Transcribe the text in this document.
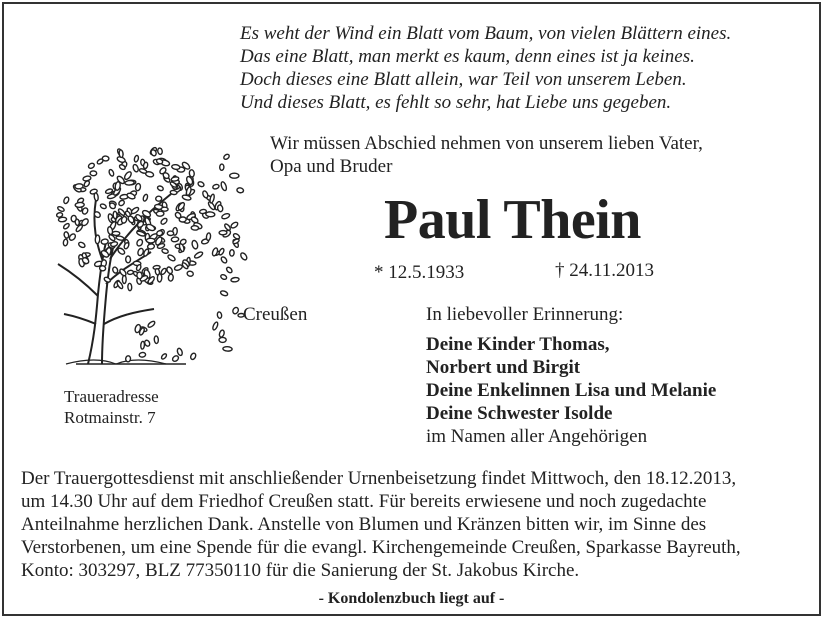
Es weht der Wind ein Blatt vom Baum, von vielen Blättern eines.
Das eine Blatt, man merkt es kaum, denn eines ist ja keines.
Doch dieses eine Blatt allein, war Teil von unserem Leben.
Und dieses Blatt, es fehlt so sehr, hat Liebe uns gegeben.
Wir müssen Abschied nehmen von unserem lieben Vater,
Opa und Bruder
Paul Thein
* 12.5.1933	† 24.11.2013
Creußen	In liebevoller Erinnerung:
Deine Kinder Thomas,
Norbert und Birgit
Deine Enkelinnen Lisa und Melanie
Deine Schwester Isolde
im Namen aller Angehörigen
Traueradresse
Rotmainstr. 7
Der Trauergottesdienst mit anschließender Urnenbeisetzung findet Mittwoch, den 18.12.2013,
um 14.30 Uhr auf dem Friedhof Creußen statt. Für bereits erwiesene und noch zugedachte
Anteilnahme herzlichen Dank. Anstelle von Blumen und Kränzen bitten wir, im Sinne des
Verstorbenen, um eine Spende für die evangl. Kirchengemeinde Creußen, Sparkasse Bayreuth,
Konto: 303297, BLZ 77350110 für die Sanierung der St. Jakobus Kirche.
- Kondolenzbuch liegt auf -
